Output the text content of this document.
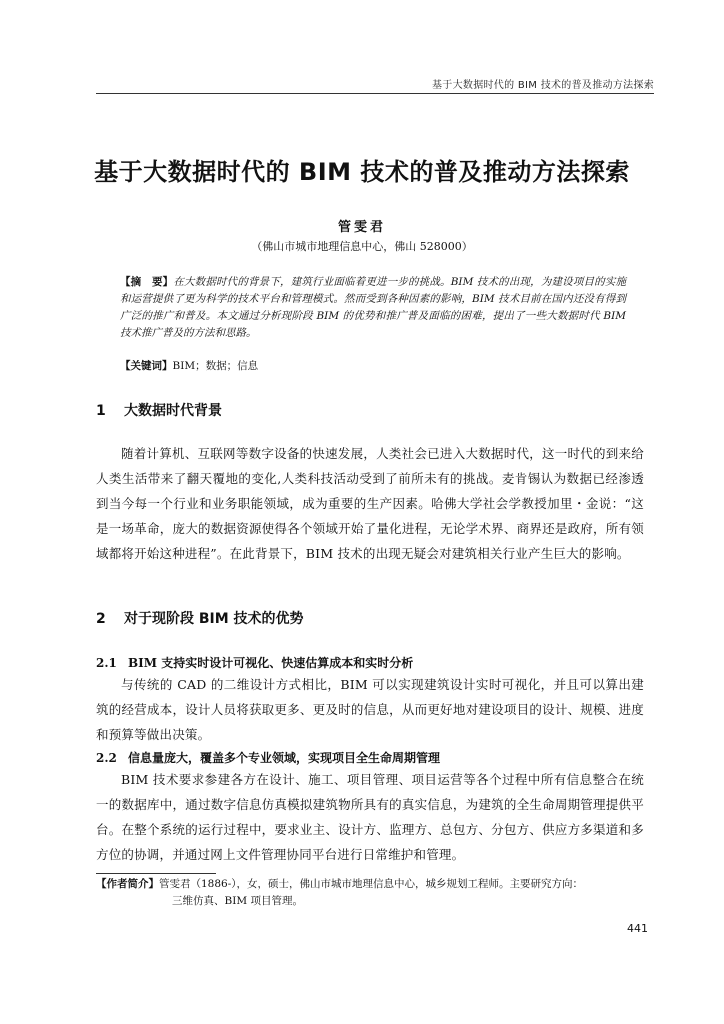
基于大数据时代的 BIM 技术的普及推动方法探索
基于大数据时代的 BIM 技术的普及推动方法探索
管雯君
（佛山市城市地理信息中心，佛山 528000）
【摘　要】在大数据时代的背景下，建筑行业面临着更进一步的挑战。BIM 技术的出现，为建设项目的实施和运营提供了更为科学的技术平台和管理模式。然而受到各种因素的影响，BIM 技术目前在国内还没有得到广泛的推广和普及。本文通过分析现阶段 BIM 的优势和推广普及面临的困难，提出了一些大数据时代 BIM 技术推广普及的方法和思路。
【关键词】BIM；数据；信息
1 大数据时代背景
随着计算机、互联网等数字设备的快速发展，人类社会已进入大数据时代，这一时代的到来给人类生活带来了翻天覆地的变化,人类科技活动受到了前所未有的挑战。麦肯锡认为数据已经渗透到当今每一个行业和业务职能领域，成为重要的生产因素。哈佛大学社会学教授加里・金说：“这是一场革命，庞大的数据资源使得各个领域开始了量化进程，无论学术界、商界还是政府，所有领域都将开始这种进程”。在此背景下，BIM 技术的出现无疑会对建筑相关行业产生巨大的影响。
2 对于现阶段 BIM 技术的优势
2.1 BIM 支持实时设计可视化、快速估算成本和实时分析
与传统的 CAD 的二维设计方式相比，BIM 可以实现建筑设计实时可视化，并且可以算出建筑的经营成本，设计人员将获取更多、更及时的信息，从而更好地对建设项目的设计、规模、进度和预算等做出决策。
2.2 信息量庞大，覆盖多个专业领域，实现项目全生命周期管理
BIM 技术要求参建各方在设计、施工、项目管理、项目运营等各个过程中所有信息整合在统一的数据库中，通过数字信息仿真模拟建筑物所具有的真实信息，为建筑的全生命周期管理提供平台。在整个系统的运行过程中，要求业主、设计方、监理方、总包方、分包方、供应方多渠道和多方位的协调，并通过网上文件管理协同平台进行日常维护和管理。
【作者简介】管雯君（1886-），女，硕士，佛山市城市地理信息中心，城乡规划工程师。主要研究方向：
三维仿真、BIM 项目管理。
441
